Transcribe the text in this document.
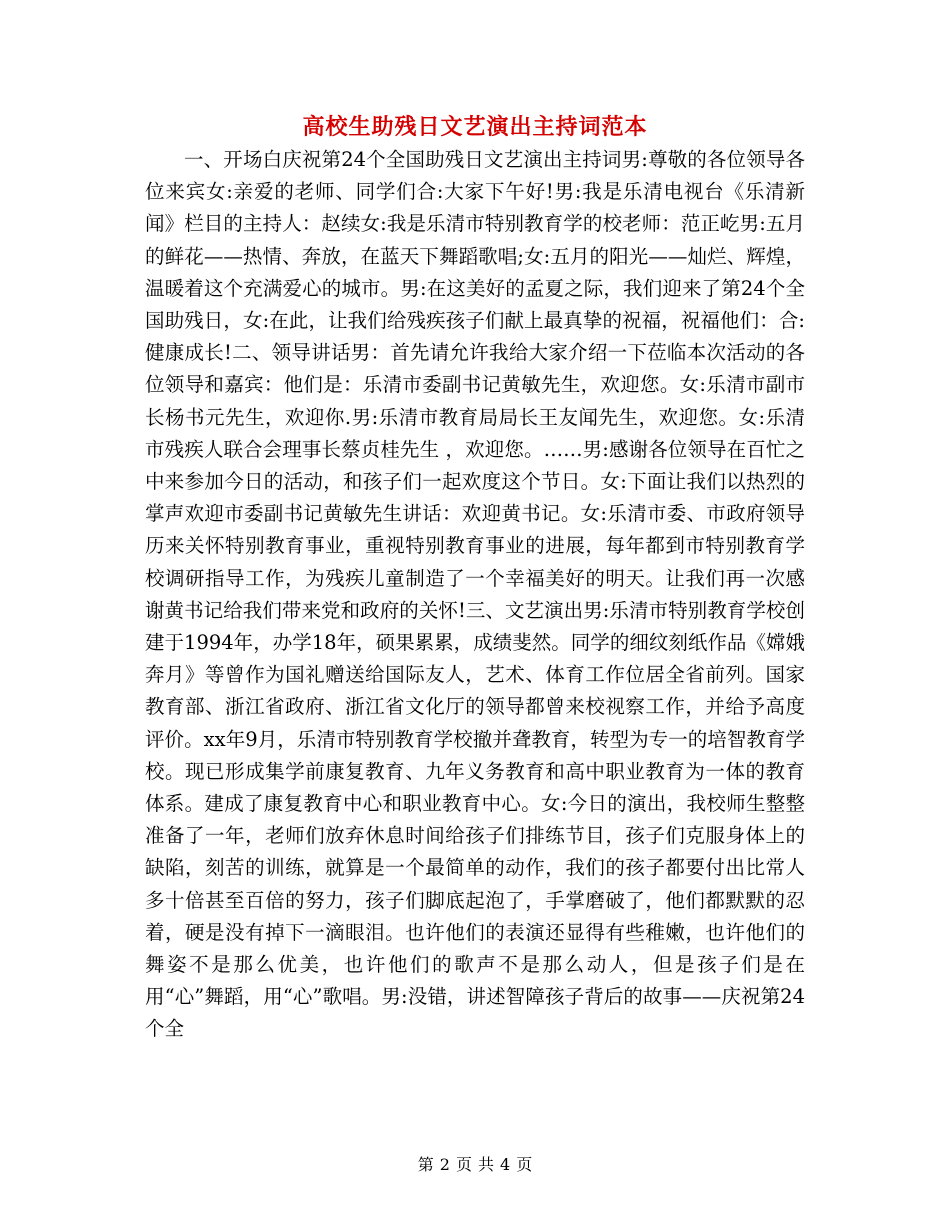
高校生助残日文艺演出主持词范本

一、开场白庆祝第24个全国助残日文艺演出主持词男:尊敬的各位领导各位来宾女:亲爱的老师、同学们合:大家下午好!男:我是乐清电视台《乐清新闻》栏目的主持人：赵续女:我是乐清市特别教育学的校老师：范正屹男:五月的鲜花——热情、奔放，在蓝天下舞蹈歌唱;女:五月的阳光——灿烂、辉煌，温暖着这个充满爱心的城市。男:在这美好的孟夏之际，我们迎来了第24个全国助残日，女:在此，让我们给残疾孩子们献上最真挚的祝福，祝福他们：合:健康成长!二、领导讲话男：首先请允许我给大家介绍一下莅临本次活动的各位领导和嘉宾：他们是：乐清市委副书记黄敏先生，欢迎您。女:乐清市副市长杨书元先生，欢迎你.男:乐清市教育局局长王友闻先生，欢迎您。女:乐清市残疾人联合会理事长蔡贞桂先生 ，欢迎您。……男:感谢各位领导在百忙之中来参加今日的活动，和孩子们一起欢度这个节日。女:下面让我们以热烈的掌声欢迎市委副书记黄敏先生讲话：欢迎黄书记。女:乐清市委、市政府领导历来关怀特别教育事业，重视特别教育事业的进展，每年都到市特别教育学校调研指导工作，为残疾儿童制造了一个幸福美好的明天。让我们再一次感谢黄书记给我们带来党和政府的关怀!三、文艺演出男:乐清市特别教育学校创建于1994年，办学18年，硕果累累，成绩斐然。同学的细纹刻纸作品《嫦娥奔月》等曾作为国礼赠送给国际友人，艺术、体育工作位居全省前列。国家教育部、浙江省政府、浙江省文化厅的领导都曾来校视察工作，并给予高度评价。xx年9月，乐清市特别教育学校撤并聋教育，转型为专一的培智教育学校。现已形成集学前康复教育、九年义务教育和高中职业教育为一体的教育体系。建成了康复教育中心和职业教育中心。女:今日的演出，我校师生整整准备了一年，老师们放弃休息时间给孩子们排练节目，孩子们克服身体上的缺陷，刻苦的训练，就算是一个最简单的动作，我们的孩子都要付出比常人多十倍甚至百倍的努力，孩子们脚底起泡了，手掌磨破了，他们都默默的忍着，硬是没有掉下一滴眼泪。也许他们的表演还显得有些稚嫩，也许他们的舞姿不是那么优美，也许他们的歌声不是那么动人，但是孩子们是在用“心”舞蹈，用“心”歌唱。男:没错，讲述智障孩子背后的故事——庆祝第24个全

第 2 页 共 4 页
